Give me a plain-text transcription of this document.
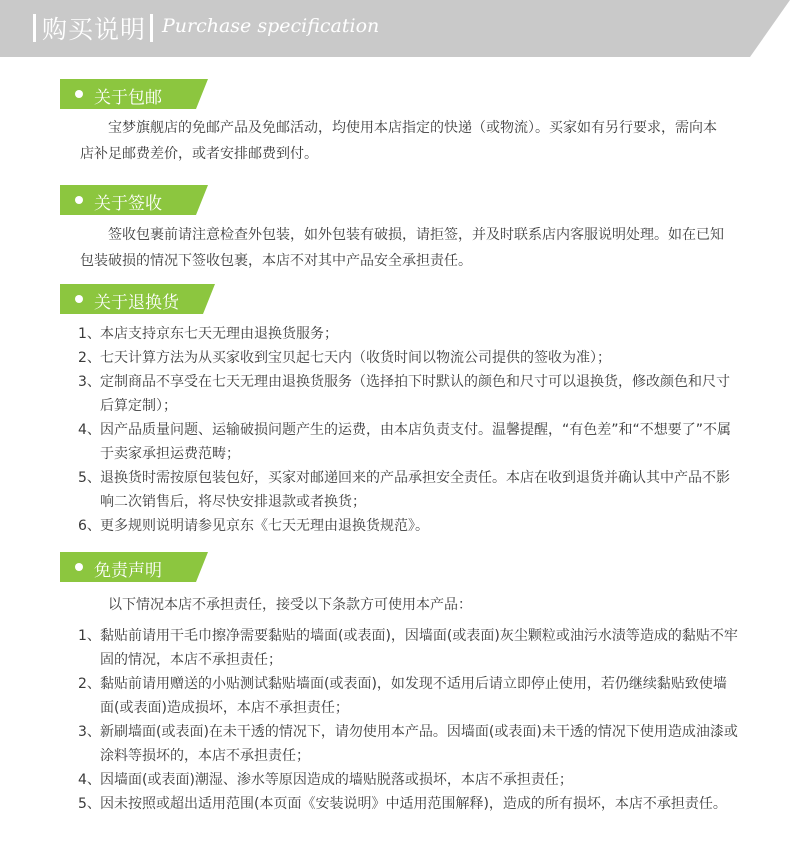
购买说明 Purchase specification
关于包邮

宝梦旗舰店的免邮产品及免邮活动，均使用本店指定的快递（或物流）。买家如有另行要求，需向本店补足邮费差价，或者安排邮费到付。

关于签收

签收包裹前请注意检查外包装，如外包装有破损，请拒签，并及时联系店内客服说明处理。如在已知包装破损的情况下签收包裹，本店不对其中产品安全承担责任。

关于退换货
1、 本店支持京东七天无理由退换货服务；
2、 七天计算方法为从买家收到宝贝起七天内（收货时间以物流公司提供的签收为准）；
3、 定制商品不享受在七天无理由退换货服务（选择拍下时默认的颜色和尺寸可以退换货，修改颜色和尺寸后算定制）；
4、 因产品质量问题、运输破损问题产生的运费，由本店负责支付。温馨提醒，“有色差”和“不想要了”不属于卖家承担运费范畴；
5、 退换货时需按原包装包好，买家对邮递回来的产品承担安全责任。本店在收到退货并确认其中产品不影响二次销售后，将尽快安排退款或者换货；
6、 更多规则说明请参见京东《七天无理由退换货规范》。
免责声明

以下情况本店不承担责任，接受以下条款方可使用本产品：

1、 黏贴前请用干毛巾擦净需要黏贴的墙面(或表面)，因墙面(或表面)灰尘颗粒或油污水渍等造成的黏贴不牢固的情况，本店不承担责任；
2、 黏贴前请用赠送的小贴测试黏贴墙面(或表面)，如发现不适用后请立即停止使用，若仍继续黏贴致使墙面(或表面)造成损坏，本店不承担责任；
3、 新刷墙面(或表面)在未干透的情况下，请勿使用本产品。因墙面(或表面)未干透的情况下使用造成油漆或涂料等损坏的，本店不承担责任；
4、 因墙面(或表面)潮湿、渗水等原因造成的墙贴脱落或损坏，本店不承担责任；
5、 因未按照或超出适用范围(本页面《安装说明》中适用范围解释)，造成的所有损坏，本店不承担责任。
